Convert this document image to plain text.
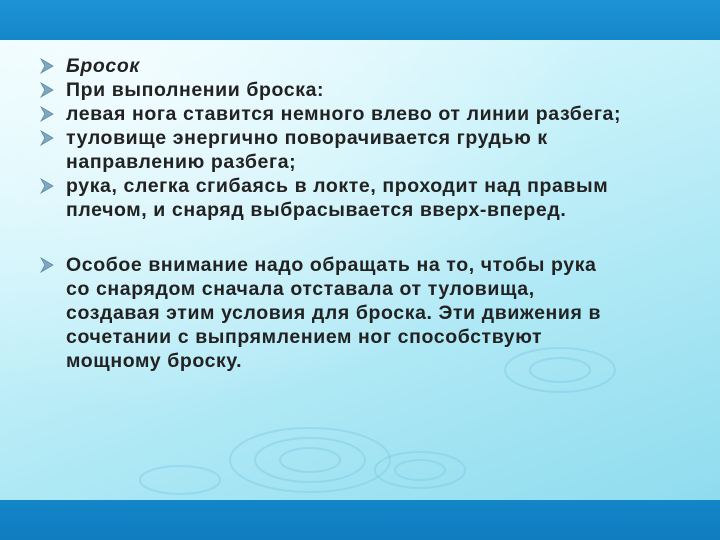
Бросок
При выполнении броска:
левая нога ставится немного влево от линии разбега;
туловище энергично поворачивается грудью к
направлению разбега;
рука, слегка сгибаясь в локте, проходит над правым
плечом, и снаряд выбрасывается вверх-вперед.
Особое внимание надо обращать на то, чтобы рука
со снарядом сначала отставала от туловища,
создавая этим условия для броска. Эти движения в
сочетании с выпрямлением ног способствуют
мощному броску.
